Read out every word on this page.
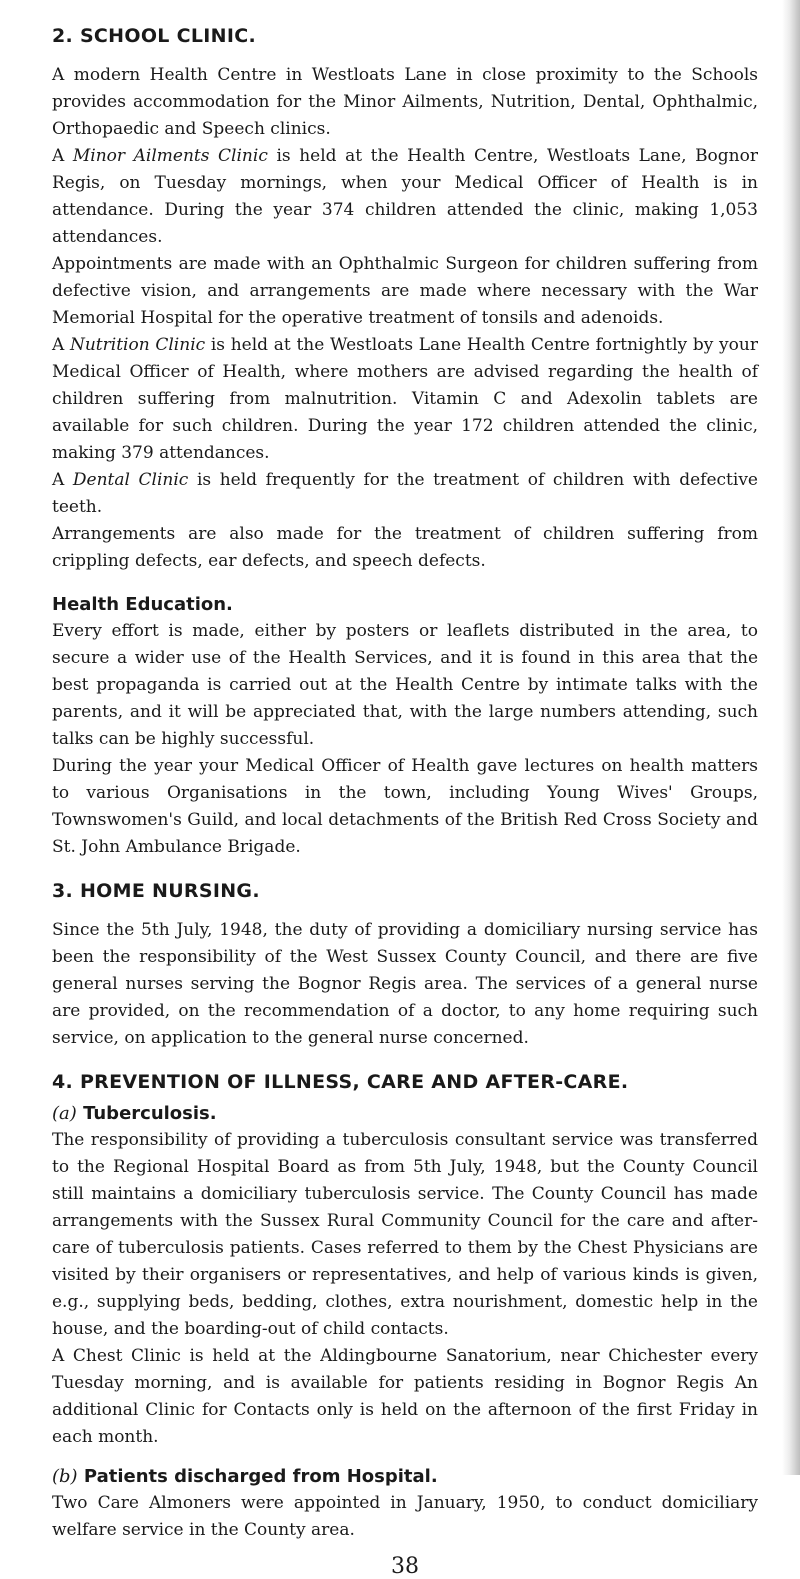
2. SCHOOL CLINIC.

A modern Health Centre in Westloats Lane in close proximity to the Schools provides accommodation for the Minor Ailments, Nutrition, Dental, Ophthalmic, Orthopaedic and Speech clinics.

A Minor Ailments Clinic is held at the Health Centre, Westloats Lane, Bognor Regis, on Tuesday mornings, when your Medical Officer of Health is in attendance. During the year 374 children attended the clinic, making 1,053 attendances.

Appointments are made with an Ophthalmic Surgeon for children suffering from defective vision, and arrangements are made where necessary with the War Memorial Hospital for the operative treatment of tonsils and adenoids.

A Nutrition Clinic is held at the Westloats Lane Health Centre fortnightly by your Medical Officer of Health, where mothers are advised regarding the health of children suffering from malnutrition. Vitamin C and Adexolin tablets are available for such children. During the year 172 children attended the clinic, making 379 attendances.

A Dental Clinic is held frequently for the treatment of children with defective teeth.

Arrangements are also made for the treatment of children suffering from crippling defects, ear defects, and speech defects.

Health Education.

Every effort is made, either by posters or leaflets distributed in the area, to secure a wider use of the Health Services, and it is found in this area that the best propaganda is carried out at the Health Centre by intimate talks with the parents, and it will be appreciated that, with the large numbers attending, such talks can be highly successful.

During the year your Medical Officer of Health gave lectures on health matters to various Organisations in the town, including Young Wives' Groups, Townswomen's Guild, and local detachments of the British Red Cross Society and St. John Ambulance Brigade.

3. HOME NURSING.

Since the 5th July, 1948, the duty of providing a domiciliary nursing service has been the responsibility of the West Sussex County Council, and there are five general nurses serving the Bognor Regis area. The services of a general nurse are provided, on the recommendation of a doctor, to any home requiring such service, on application to the general nurse concerned.

4. PREVENTION OF ILLNESS, CARE AND AFTER-CARE.
(a) Tuberculosis.

The responsibility of providing a tuberculosis consultant service was transferred to the Regional Hospital Board as from 5th July, 1948, but the County Council still maintains a domiciliary tuberculosis service. The County Council has made arrangements with the Sussex Rural Community Council for the care and after-care of tuberculosis patients. Cases referred to them by the Chest Physicians are visited by their organisers or representatives, and help of various kinds is given, e.g., supplying beds, bedding, clothes, extra nourishment, domestic help in the house, and the boarding-out of child contacts.

A Chest Clinic is held at the Aldingbourne Sanatorium, near Chichester every Tuesday morning, and is available for patients residing in Bognor Regis An additional Clinic for Contacts only is held on the afternoon of the first Friday in each month.

(b) Patients discharged from Hospital.

Two Care Almoners were appointed in January, 1950, to conduct domiciliary welfare service in the County area.

38
